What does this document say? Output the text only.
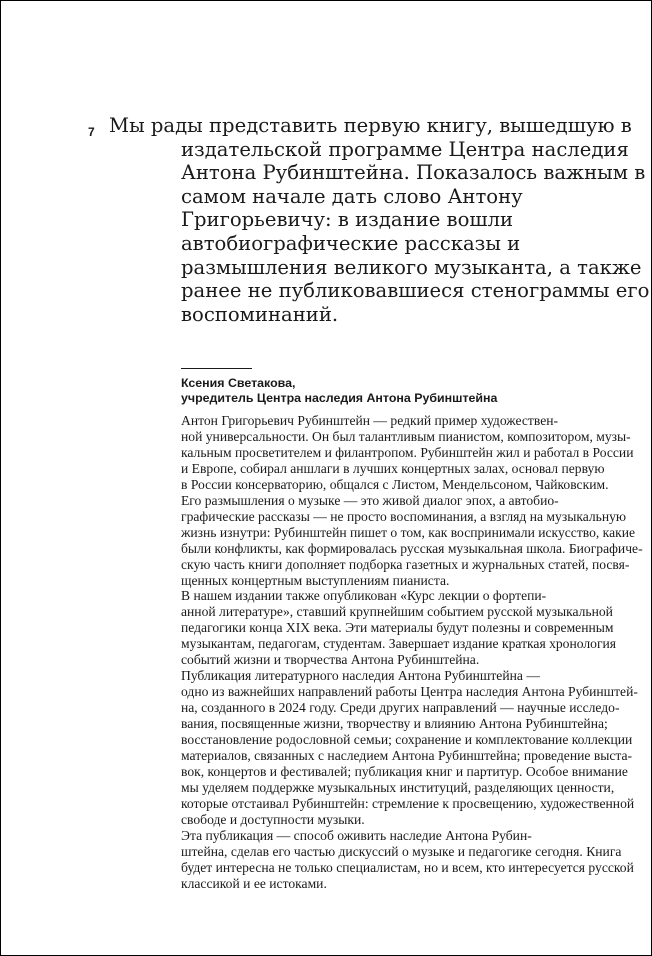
7 Мы рады представить первую книгу, вышедшую в издательской программе Центра наследия Антона Рубинштейна. Показалось важным в самом начале дать слово Антону Григорьевичу: в издание вошли автобиографические рассказы и размышления великого музыканта, а также ранее не публиковавшиеся стенограммы его воспоминаний.

Ксения Светакова,
учредитель Центра наследия Антона Рубинштейна

Антон Григорьевич Рубинштейн — редкий пример художествен-
ной универсальности. Он был талантливым пианистом, композитором, музы-
кальным просветителем и филантропом. Рубинштейн жил и работал в России
и Европе, собирал аншлаги в лучших концертных залах, основал первую
в России консерваторию, общался с Листом, Мендельсоном, Чайковским.

Его размышления о музыке — это живой диалог эпох, а автобио-
графические рассказы — не просто воспоминания, а взгляд на музыкальную
жизнь изнутри: Рубинштейн пишет о том, как воспринимали искусство, какие
были конфликты, как формировалась русская музыкальная школа. Биографиче-
скую часть книги дополняет подборка газетных и журнальных статей, посвя-
щенных концертным выступлениям пианиста.

В нашем издании также опубликован «Курс лекции о фортепи-
анной литературе», ставший крупнейшим событием русской музыкальной
педагогики конца XIX века. Эти материалы будут полезны и современным
музыкантам, педагогам, студентам. Завершает издание краткая хронология
событий жизни и творчества Антона Рубинштейна.

Публикация литературного наследия Антона Рубинштейна —
одно из важнейших направлений работы Центра наследия Антона Рубинштей-
на, созданного в 2024 году. Среди других направлений — научные исследо-
вания, посвященные жизни, творчеству и влиянию Антона Рубинштейна;
восстановление родословной семьи; сохранение и комплектование коллекции
материалов, связанных с наследием Антона Рубинштейна; проведение выста-
вок, концертов и фестивалей; публикация книг и партитур. Особое внимание
мы уделяем поддержке музыкальных институций, разделяющих ценности,
которые отстаивал Рубинштейн: стремление к просвещению, художественной
свободе и доступности музыки.

Эта публикация — способ оживить наследие Антона Рубин-
штейна, сделав его частью дискуссий о музыке и педагогике сегодня. Книга
будет интересна не только специалистам, но и всем, кто интересуется русской
классикой и ее истоками.
